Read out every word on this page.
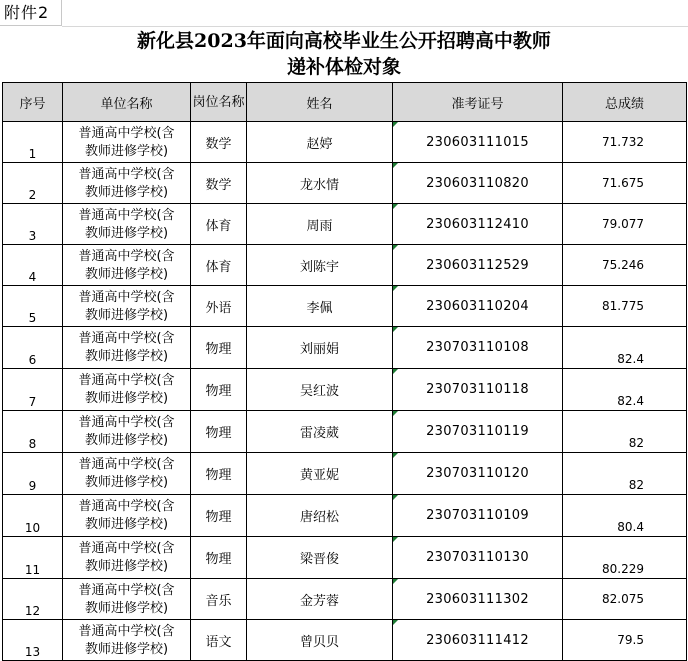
附件2
新化县2023年面向高校毕业生公开招聘高中教师
递补体检对象
序号	单位名称	岗位名称	姓名	准考证号	总成绩
1	普通高中学校(含
教师进修学校)	数学	赵婷	230603111015	71.732
2	普通高中学校(含
教师进修学校)	数学	龙水情	230603110820	71.675
3	普通高中学校(含
教师进修学校)	体育	周雨	230603112410	79.077
4	普通高中学校(含
教师进修学校)	体育	刘陈宇	230603112529	75.246
5	普通高中学校(含
教师进修学校)	外语	李佩	230603110204	81.775
6	普通高中学校(含
教师进修学校)	物理	刘丽娟	230703110108	82.4
7	普通高中学校(含
教师进修学校)	物理	吴红波	230703110118	82.4
8	普通高中学校(含
教师进修学校)	物理	雷凌葳	230703110119	82
9	普通高中学校(含
教师进修学校)	物理	黄亚妮	230703110120	82
10	普通高中学校(含
教师进修学校)	物理	唐绍松	230703110109	80.4
11	普通高中学校(含
教师进修学校)	物理	梁晋俊	230703110130	80.229
12	普通高中学校(含
教师进修学校)	音乐	金芳蓉	230603111302	82.075
13	普通高中学校(含
教师进修学校)	语文	曾贝贝	230603111412	79.5
